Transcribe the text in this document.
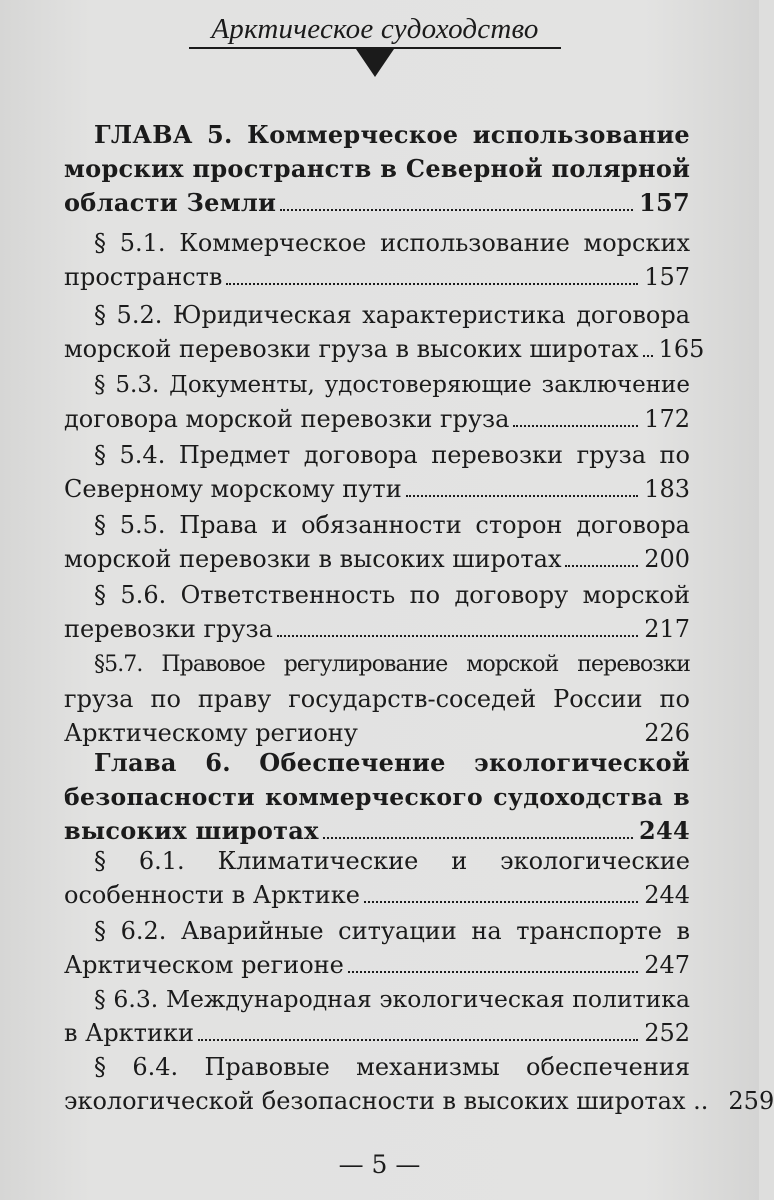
Арктическое судоходство
ГЛАВА 5. Коммерческое использование
морских пространств в Северной полярной
области Земли	157
§ 5.1. Коммерческое использование морских
пространств	157
§ 5.2. Юридическая характеристика договора
морской перевозки груза в высоких широтах 165
§ 5.3. Документы, удостоверяющие заключение
договора морской перевозки груза	172
§ 5.4. Предмет договора перевозки груза по
Северному морскому пути	183
§ 5.5. Права и обязанности сторон договора
морской перевозки в высоких широтах	200
§ 5.6. Ответственность по договору морской
перевозки груза	217
§5.7. Правовое регулирование морской перевозки
груза по праву государств-соседей России по
Арктическому региону	226
Глава 6. Обеспечение экологической
безопасности коммерческого судоходства в
высоких широтах	244
§ 6.1. Климатические и экологические
особенности в Арктике	244
§ 6.2. Аварийные ситуации на транспорте в
Арктическом регионе	247
§ 6.3. Международная экологическая политика
в Арктики	252
§ 6.4. Правовые механизмы обеспечения
экологической безопасности в высоких широтах .. 259
— 5 —
